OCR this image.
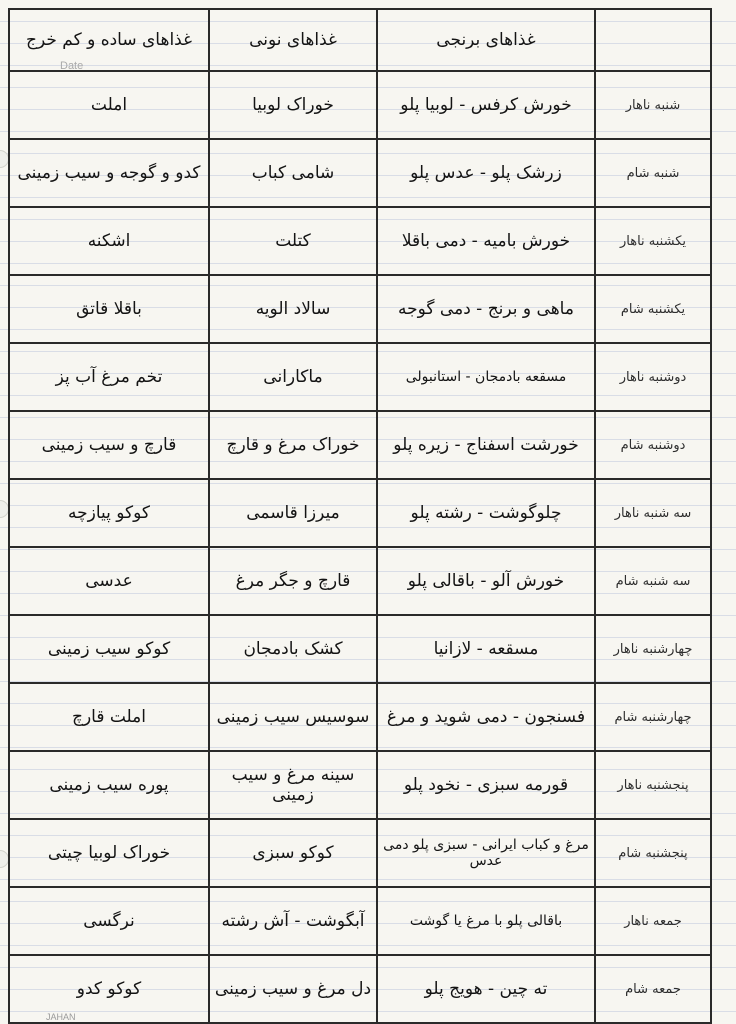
Date
	غذاهای برنجی	غذاهای نونی	غذاهای ساده و کم خرج
شنبه ناهار	خورش کرفس - لوبیا پلو	خوراک لوبیا	املت
شنبه شام	زرشک پلو - عدس پلو	شامی کباب	کدو و گوجه و سیب زمینی
یکشنبه ناهار	خورش بامیه - دمی باقلا	کتلت	اشکنه
یکشنبه شام	ماهی و برنج - دمی گوجه	سالاد الویه	باقلا قاتق
دوشنبه ناهار	مسقعه بادمجان - استانبولی	ماکارانی	تخم مرغ آب پز
دوشنبه شام	خورشت اسفناج - زیره پلو	خوراک مرغ و قارچ	قارچ و سیب زمینی
سه شنبه ناهار	چلوگوشت - رشته پلو	میرزا قاسمی	کوکو پیازچه
سه شنبه شام	خورش آلو - باقالی پلو	قارچ و جگر مرغ	عدسی
چهارشنبه ناهار	مسقعه - لازانیا	کشک بادمجان	کوکو سیب زمینی
چهارشنبه شام	فسنجون - دمی شوید و مرغ	سوسیس سیب زمینی	املت قارچ
پنجشنبه ناهار	قورمه سبزی - نخود پلو	سینه مرغ و سیب زمینی	پوره سیب زمینی
پنجشنبه شام	مرغ و کباب ایرانی - سبزی پلو دمی عدس	کوکو سبزی	خوراک لوبیا چیتی
جمعه ناهار	باقالی پلو با مرغ یا گوشت	آبگوشت - آش رشته	نرگسی
جمعه شام	ته چین - هویج پلو	دل مرغ و سیب زمینی	کوکو کدو
JAHAN
